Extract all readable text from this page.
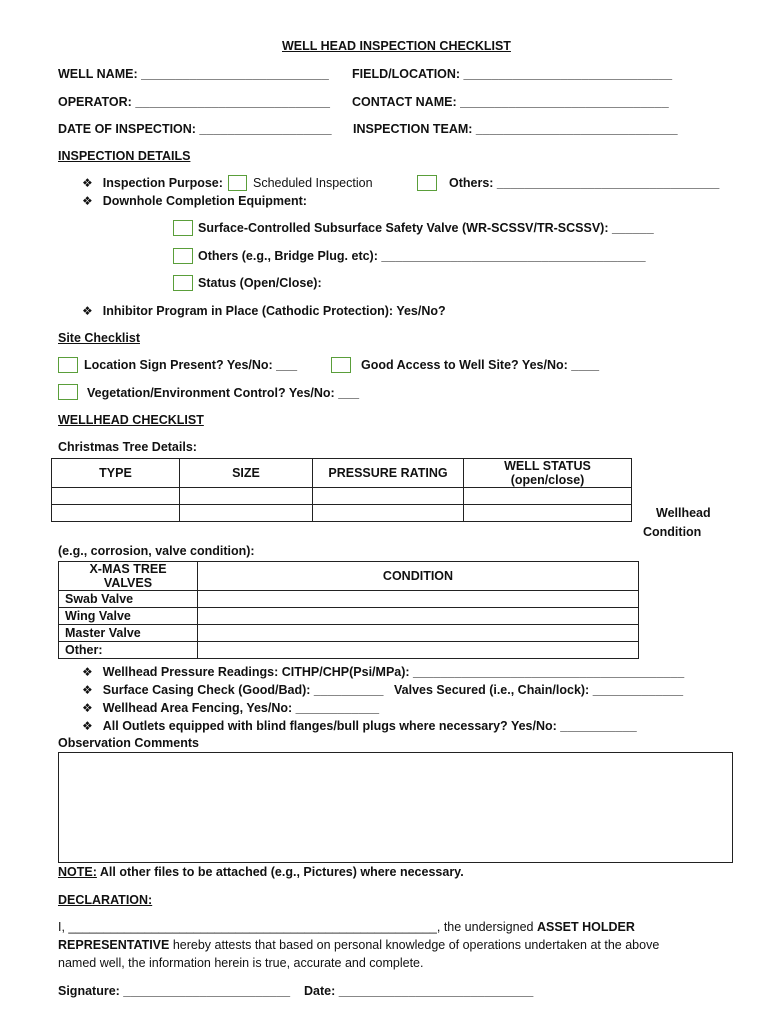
WELL HEAD INSPECTION CHECKLIST
WELL NAME: ___________________________ FIELD/LOCATION: ______________________________
OPERATOR: ____________________________ CONTACT NAME: ______________________________
DATE OF INSPECTION: ___________________ INSPECTION TEAM: _____________________________
INSPECTION DETAILS
❖ Inspection Purpose: Scheduled Inspection	Others: ________________________________
❖ Downhole Completion Equipment:
Surface-Controlled Subsurface Safety Valve (WR-SCSSV/TR-SCSSV): ______
Others (e.g., Bridge Plug. etc): ______________________________________
Status (Open/Close):
❖ Inhibitor Program in Place (Cathodic Protection): Yes/No?
Site Checklist
Location Sign Present? Yes/No: ___	Good Access to Well Site? Yes/No: ____
Vegetation/Environment Control? Yes/No: ___
WELLHEAD CHECKLIST
Christmas Tree Details:
TYPE	SIZE	PRESSURE RATING	WELL STATUS (open/close)

Wellhead
Condition
(e.g., corrosion, valve condition):
X-MAS TREE VALVES	CONDITION
Swab Valve	
Wing Valve	
Master Valve	
Other:	
❖ Wellhead Pressure Readings: CITHP/CHP(Psi/MPa): _______________________________________
❖ Surface Casing Check (Good/Bad): __________ Valves Secured (i.e., Chain/lock): _____________
❖ Wellhead Area Fencing, Yes/No: ____________
❖ All Outlets equipped with blind flanges/bull plugs where necessary? Yes/No: ___________
Observation Comments
NOTE: All other files to be attached (e.g., Pictures) where necessary.
DECLARATION:
I, _____________________________________________________, the undersigned ASSET HOLDER
REPRESENTATIVE hereby attests that based on personal knowledge of operations undertaken at the above
named well, the information herein is true, accurate and complete.
Signature: ________________________ Date: ____________________________
